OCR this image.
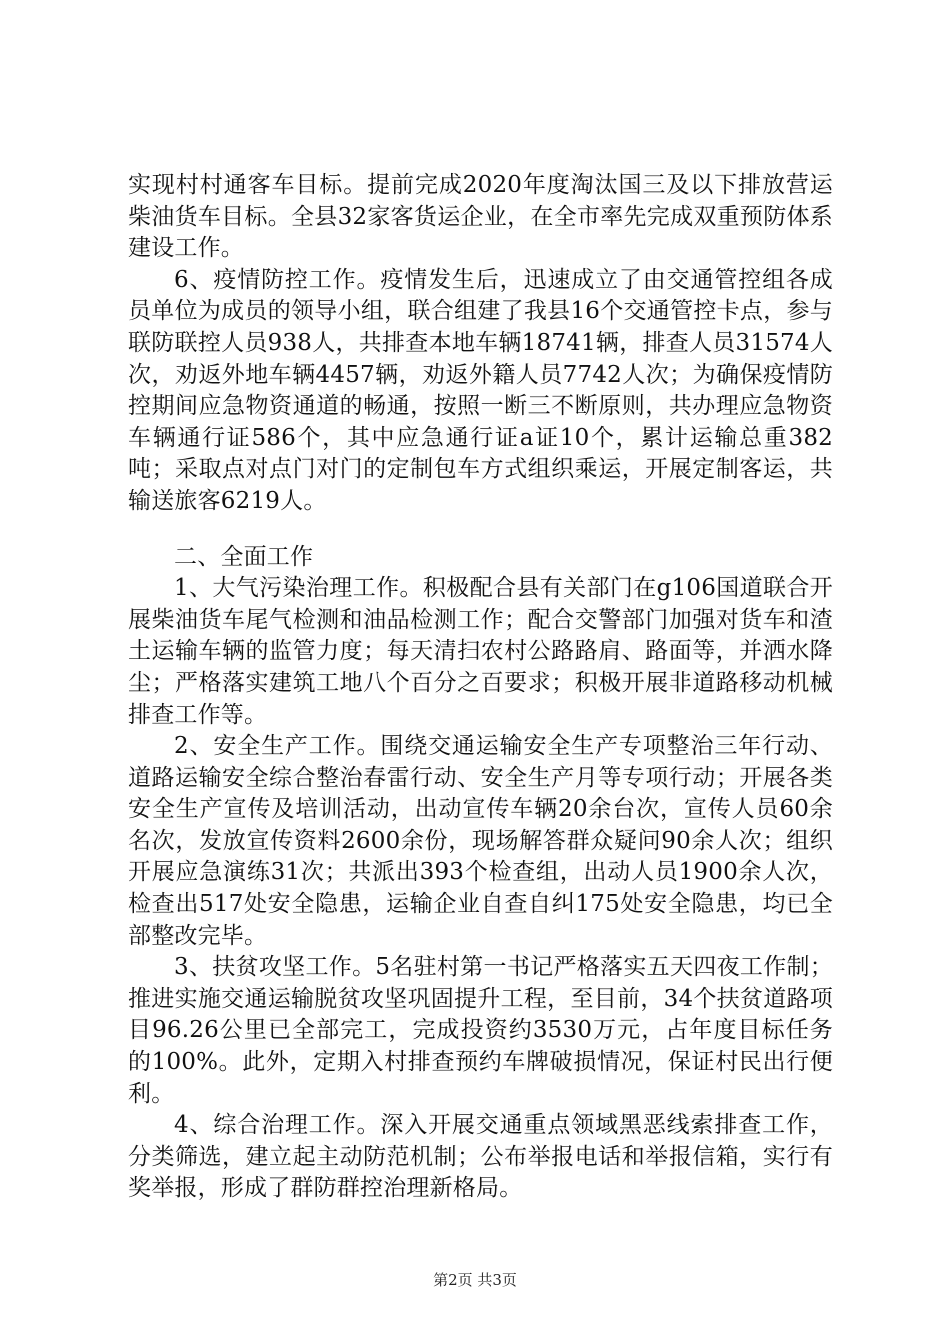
实现村村通客车目标。提前完成2020年度淘汰国三及以下排放营运柴油货车目标。全县32家客货运企业，在全市率先完成双重预防体系建设工作。

6、疫情防控工作。疫情发生后，迅速成立了由交通管控组各成员单位为成员的领导小组，联合组建了我县16个交通管控卡点，参与联防联控人员938人，共排查本地车辆18741辆，排查人员31574人次，劝返外地车辆4457辆，劝返外籍人员7742人次；为确保疫情防控期间应急物资通道的畅通，按照一断三不断原则，共办理应急物资车辆通行证586个，其中应急通行证a证10个，累计运输总重382吨；采取点对点门对门的定制包车方式组织乘运，开展定制客运，共输送旅客6219人。

二、全面工作

1、大气污染治理工作。积极配合县有关部门在g106国道联合开展柴油货车尾气检测和油品检测工作；配合交警部门加强对货车和渣土运输车辆的监管力度；每天清扫农村公路路肩、路面等，并洒水降尘；严格落实建筑工地八个百分之百要求；积极开展非道路移动机械排查工作等。

2、安全生产工作。围绕交通运输安全生产专项整治三年行动、道路运输安全综合整治春雷行动、安全生产月等专项行动；开展各类安全生产宣传及培训活动，出动宣传车辆20余台次，宣传人员60余名次，发放宣传资料2600余份，现场解答群众疑问90余人次；组织开展应急演练31次；共派出393个检查组，出动人员1900余人次，检查出517处安全隐患，运输企业自查自纠175处安全隐患，均已全部整改完毕。

3、扶贫攻坚工作。5名驻村第一书记严格落实五天四夜工作制；推进实施交通运输脱贫攻坚巩固提升工程，至目前，34个扶贫道路项目96.26公里已全部完工，完成投资约3530万元，占年度目标任务的100%。此外，定期入村排查预约车牌破损情况，保证村民出行便利。

4、综合治理工作。深入开展交通重点领域黑恶线索排查工作，分类筛选，建立起主动防范机制；公布举报电话和举报信箱，实行有奖举报，形成了群防群控治理新格局。

第2页 共3页
